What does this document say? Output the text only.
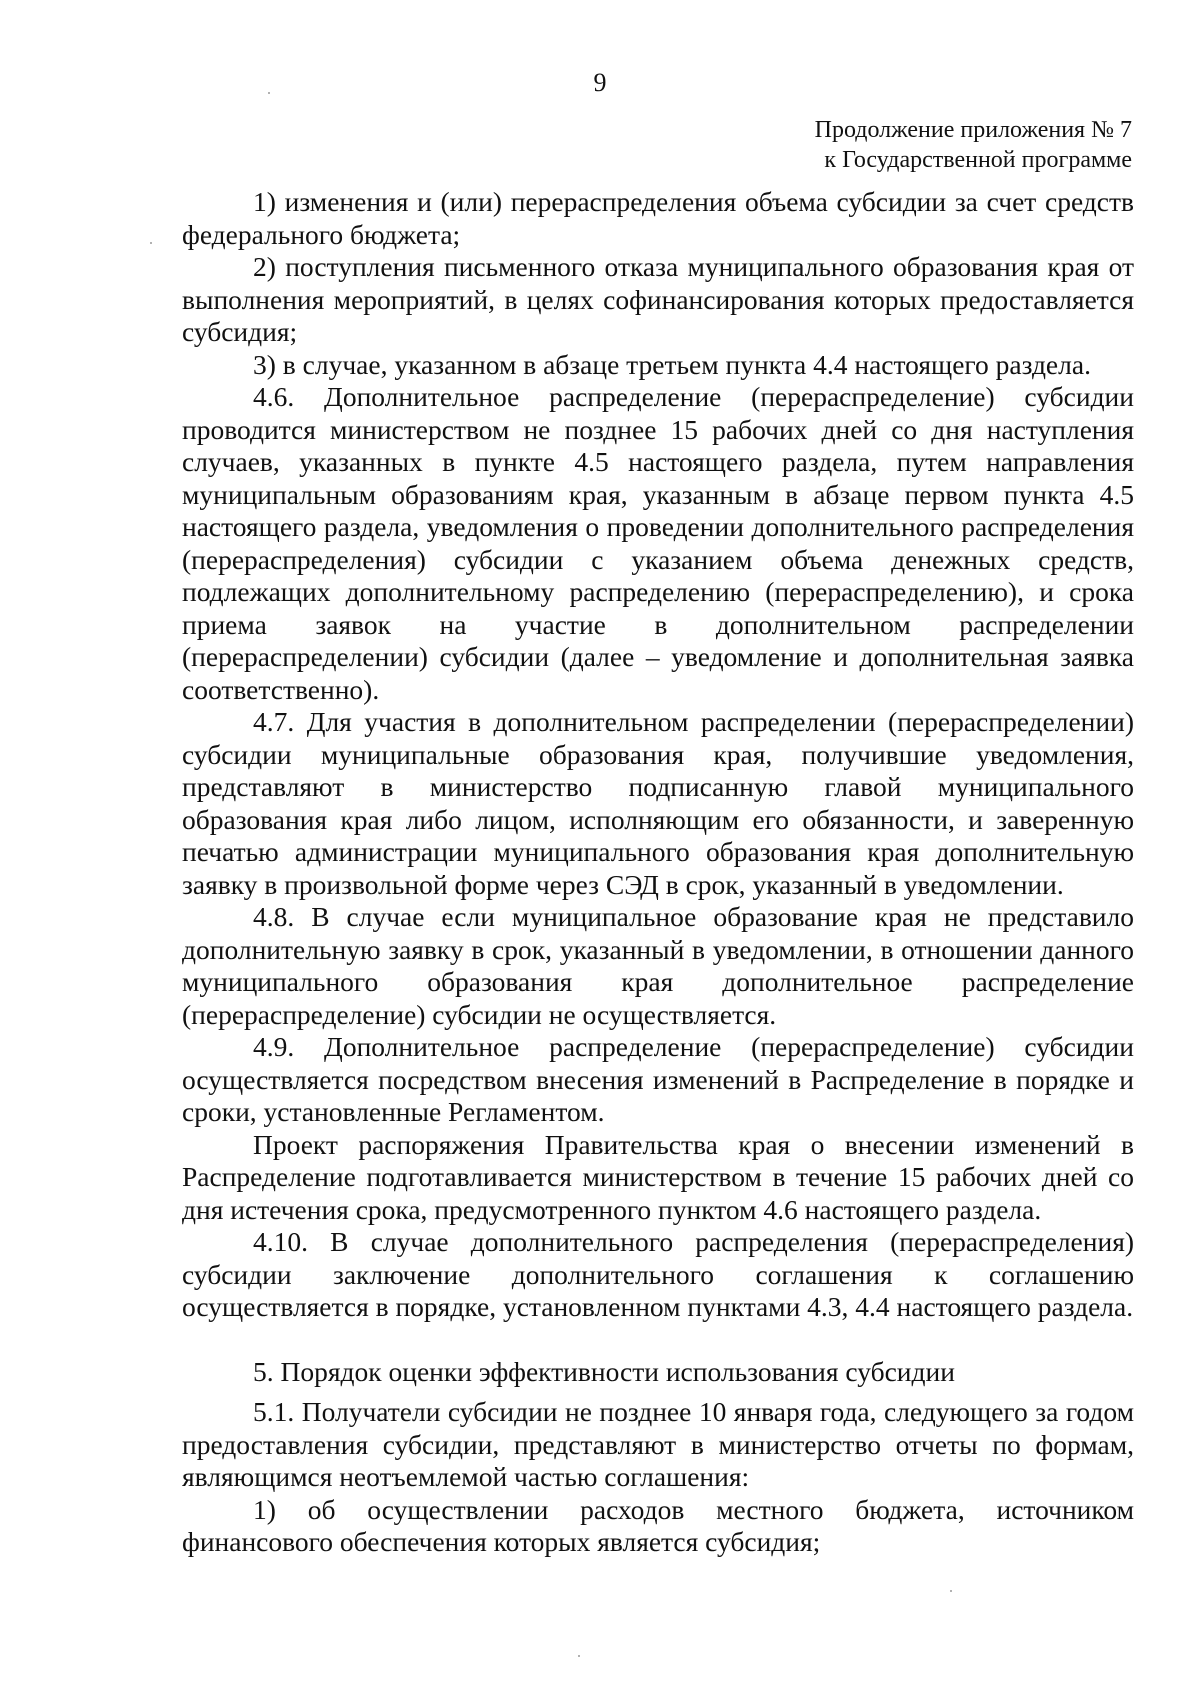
9
Продолжение приложения № 7
к Государственной программе

1) изменения и (или) перераспределения объема субсидии за счет средств федерального бюджета;

2) поступления письменного отказа муниципального образования края от выполнения мероприятий, в целях софинансирования которых предоставляется субсидия;

3) в случае, указанном в абзаце третьем пункта 4.4 настоящего раздела.

4.6. Дополнительное распределение (перераспределение) субсидии проводится министерством не позднее 15 рабочих дней со дня наступления случаев, указанных в пункте 4.5 настоящего раздела, путем направления муниципальным образованиям края, указанным в абзаце первом пункта 4.5 настоящего раздела, уведомления о проведении дополнительного распределения (перераспределения) субсидии с указанием объема денежных средств, подлежащих дополнительному распределению (перераспределению), и срока приема заявок на участие в дополнительном распределении (перераспределении) субсидии (далее – уведомление и дополнительная заявка соответственно).

4.7. Для участия в дополнительном распределении (перераспределении) субсидии муниципальные образования края, получившие уведомления, представляют в министерство подписанную главой муниципального образования края либо лицом, исполняющим его обязанности, и заверенную печатью администрации муниципального образования края дополнительную заявку в произвольной форме через СЭД в срок, указанный в уведомлении.

4.8. В случае если муниципальное образование края не представило дополнительную заявку в срок, указанный в уведомлении, в отношении данного муниципального образования края дополнительное распределение (перераспределение) субсидии не осуществляется.

4.9. Дополнительное распределение (перераспределение) субсидии осуществляется посредством внесения изменений в Распределение в порядке и сроки, установленные Регламентом.

Проект распоряжения Правительства края о внесении изменений в Распределение подготавливается министерством в течение 15 рабочих дней со дня истечения срока, предусмотренного пунктом 4.6 настоящего раздела.

4.10. В случае дополнительного распределения (перераспределения) субсидии заключение дополнительного соглашения к соглашению осуществляется в порядке, установленном пунктами 4.3, 4.4 настоящего раздела.

5. Порядок оценки эффективности использования субсидии

5.1. Получатели субсидии не позднее 10 января года, следующего за годом предоставления субсидии, представляют в министерство отчеты по формам, являющимся неотъемлемой частью соглашения:

1) об осуществлении расходов местного бюджета, источником финансового обеспечения которых является субсидия;
